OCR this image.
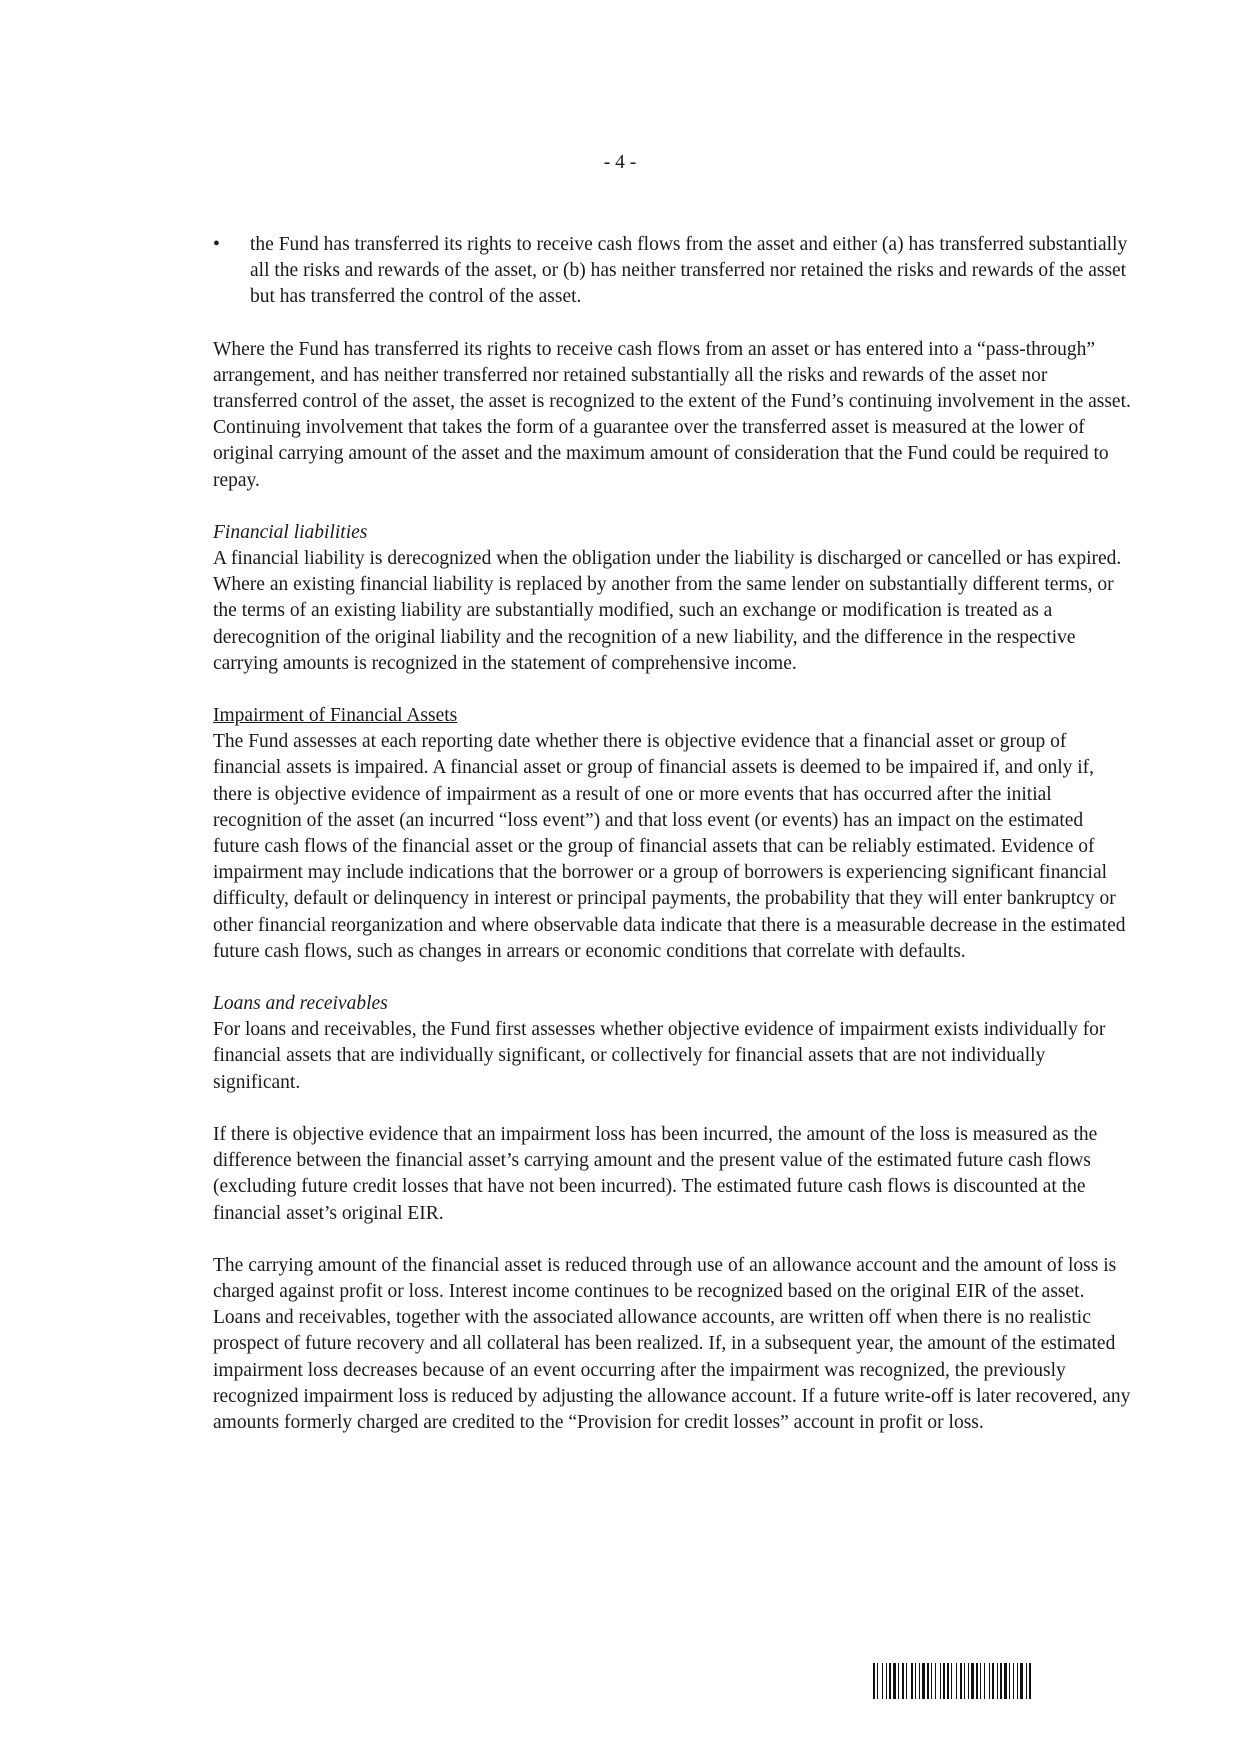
- 4 -
• the Fund has transferred its rights to receive cash flows from the asset and either (a) has transferred substantially all the risks and rewards of the asset, or (b) has neither transferred nor retained the risks and rewards of the asset but has transferred the control of the asset.

Where the Fund has transferred its rights to receive cash flows from an asset or has entered into a “pass-through” arrangement, and has neither transferred nor retained substantially all the risks and rewards of the asset nor transferred control of the asset, the asset is recognized to the extent of the Fund’s continuing involvement in the asset. Continuing involvement that takes the form of a guarantee over the transferred asset is measured at the lower of original carrying amount of the asset and the maximum amount of consideration that the Fund could be required to repay.

Financial liabilities
A financial liability is derecognized when the obligation under the liability is discharged or cancelled or has expired. Where an existing financial liability is replaced by another from the same lender on substantially different terms, or the terms of an existing liability are substantially modified, such an exchange or modification is treated as a derecognition of the original liability and the recognition of a new liability, and the difference in the respective carrying amounts is recognized in the statement of comprehensive income.

Impairment of Financial Assets
The Fund assesses at each reporting date whether there is objective evidence that a financial asset or group of financial assets is impaired. A financial asset or group of financial assets is deemed to be impaired if, and only if, there is objective evidence of impairment as a result of one or more events that has occurred after the initial recognition of the asset (an incurred “loss event”) and that loss event (or events) has an impact on the estimated future cash flows of the financial asset or the group of financial assets that can be reliably estimated. Evidence of impairment may include indications that the borrower or a group of borrowers is experiencing significant financial difficulty, default or delinquency in interest or principal payments, the probability that they will enter bankruptcy or other financial reorganization and where observable data indicate that there is a measurable decrease in the estimated future cash flows, such as changes in arrears or economic conditions that correlate with defaults.

Loans and receivables
For loans and receivables, the Fund first assesses whether objective evidence of impairment exists individually for financial assets that are individually significant, or collectively for financial assets that are not individually significant.

If there is objective evidence that an impairment loss has been incurred, the amount of the loss is measured as the difference between the financial asset’s carrying amount and the present value of the estimated future cash flows (excluding future credit losses that have not been incurred). The estimated future cash flows is discounted at the financial asset’s original EIR.

The carrying amount of the financial asset is reduced through use of an allowance account and the amount of loss is charged against profit or loss. Interest income continues to be recognized based on the original EIR of the asset. Loans and receivables, together with the associated allowance accounts, are written off when there is no realistic prospect of future recovery and all collateral has been realized. If, in a subsequent year, the amount of the estimated impairment loss decreases because of an event occurring after the impairment was recognized, the previously recognized impairment loss is reduced by adjusting the allowance account. If a future write-off is later recovered, any amounts formerly charged are credited to the “Provision for credit losses” account in profit or loss.
